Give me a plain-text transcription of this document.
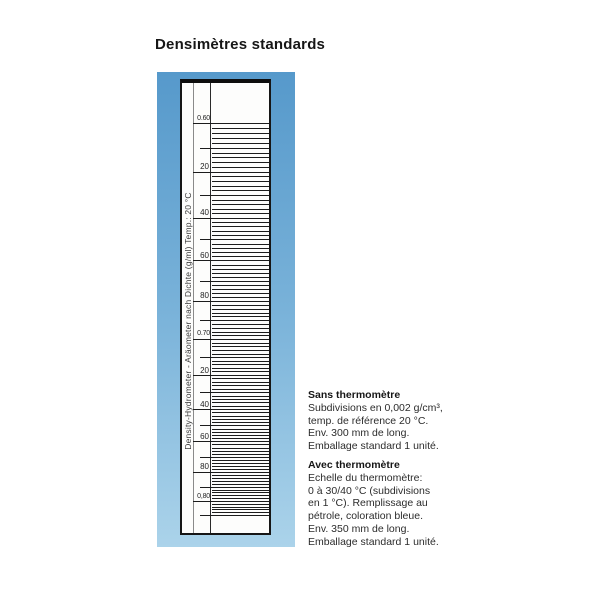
Densimètres standards
Density-Hydrometer - Aräometer nach Dichte (g/ml) Temp.: 20 °C
0.60
20
40
60
80
0.70
20
40
60
80
0,80
Sans thermomètre
Subdivisions en 0,002 g/cm³,
temp. de référence 20 °C.
Env. 300 mm de long.
Emballage standard 1 unité.
Avec thermomètre
Echelle du thermomètre:
0 à 30/40 °C (subdivisions
en 1 °C). Remplissage au
pétrole, coloration bleue.
Env. 350 mm de long.
Emballage standard 1 unité.
